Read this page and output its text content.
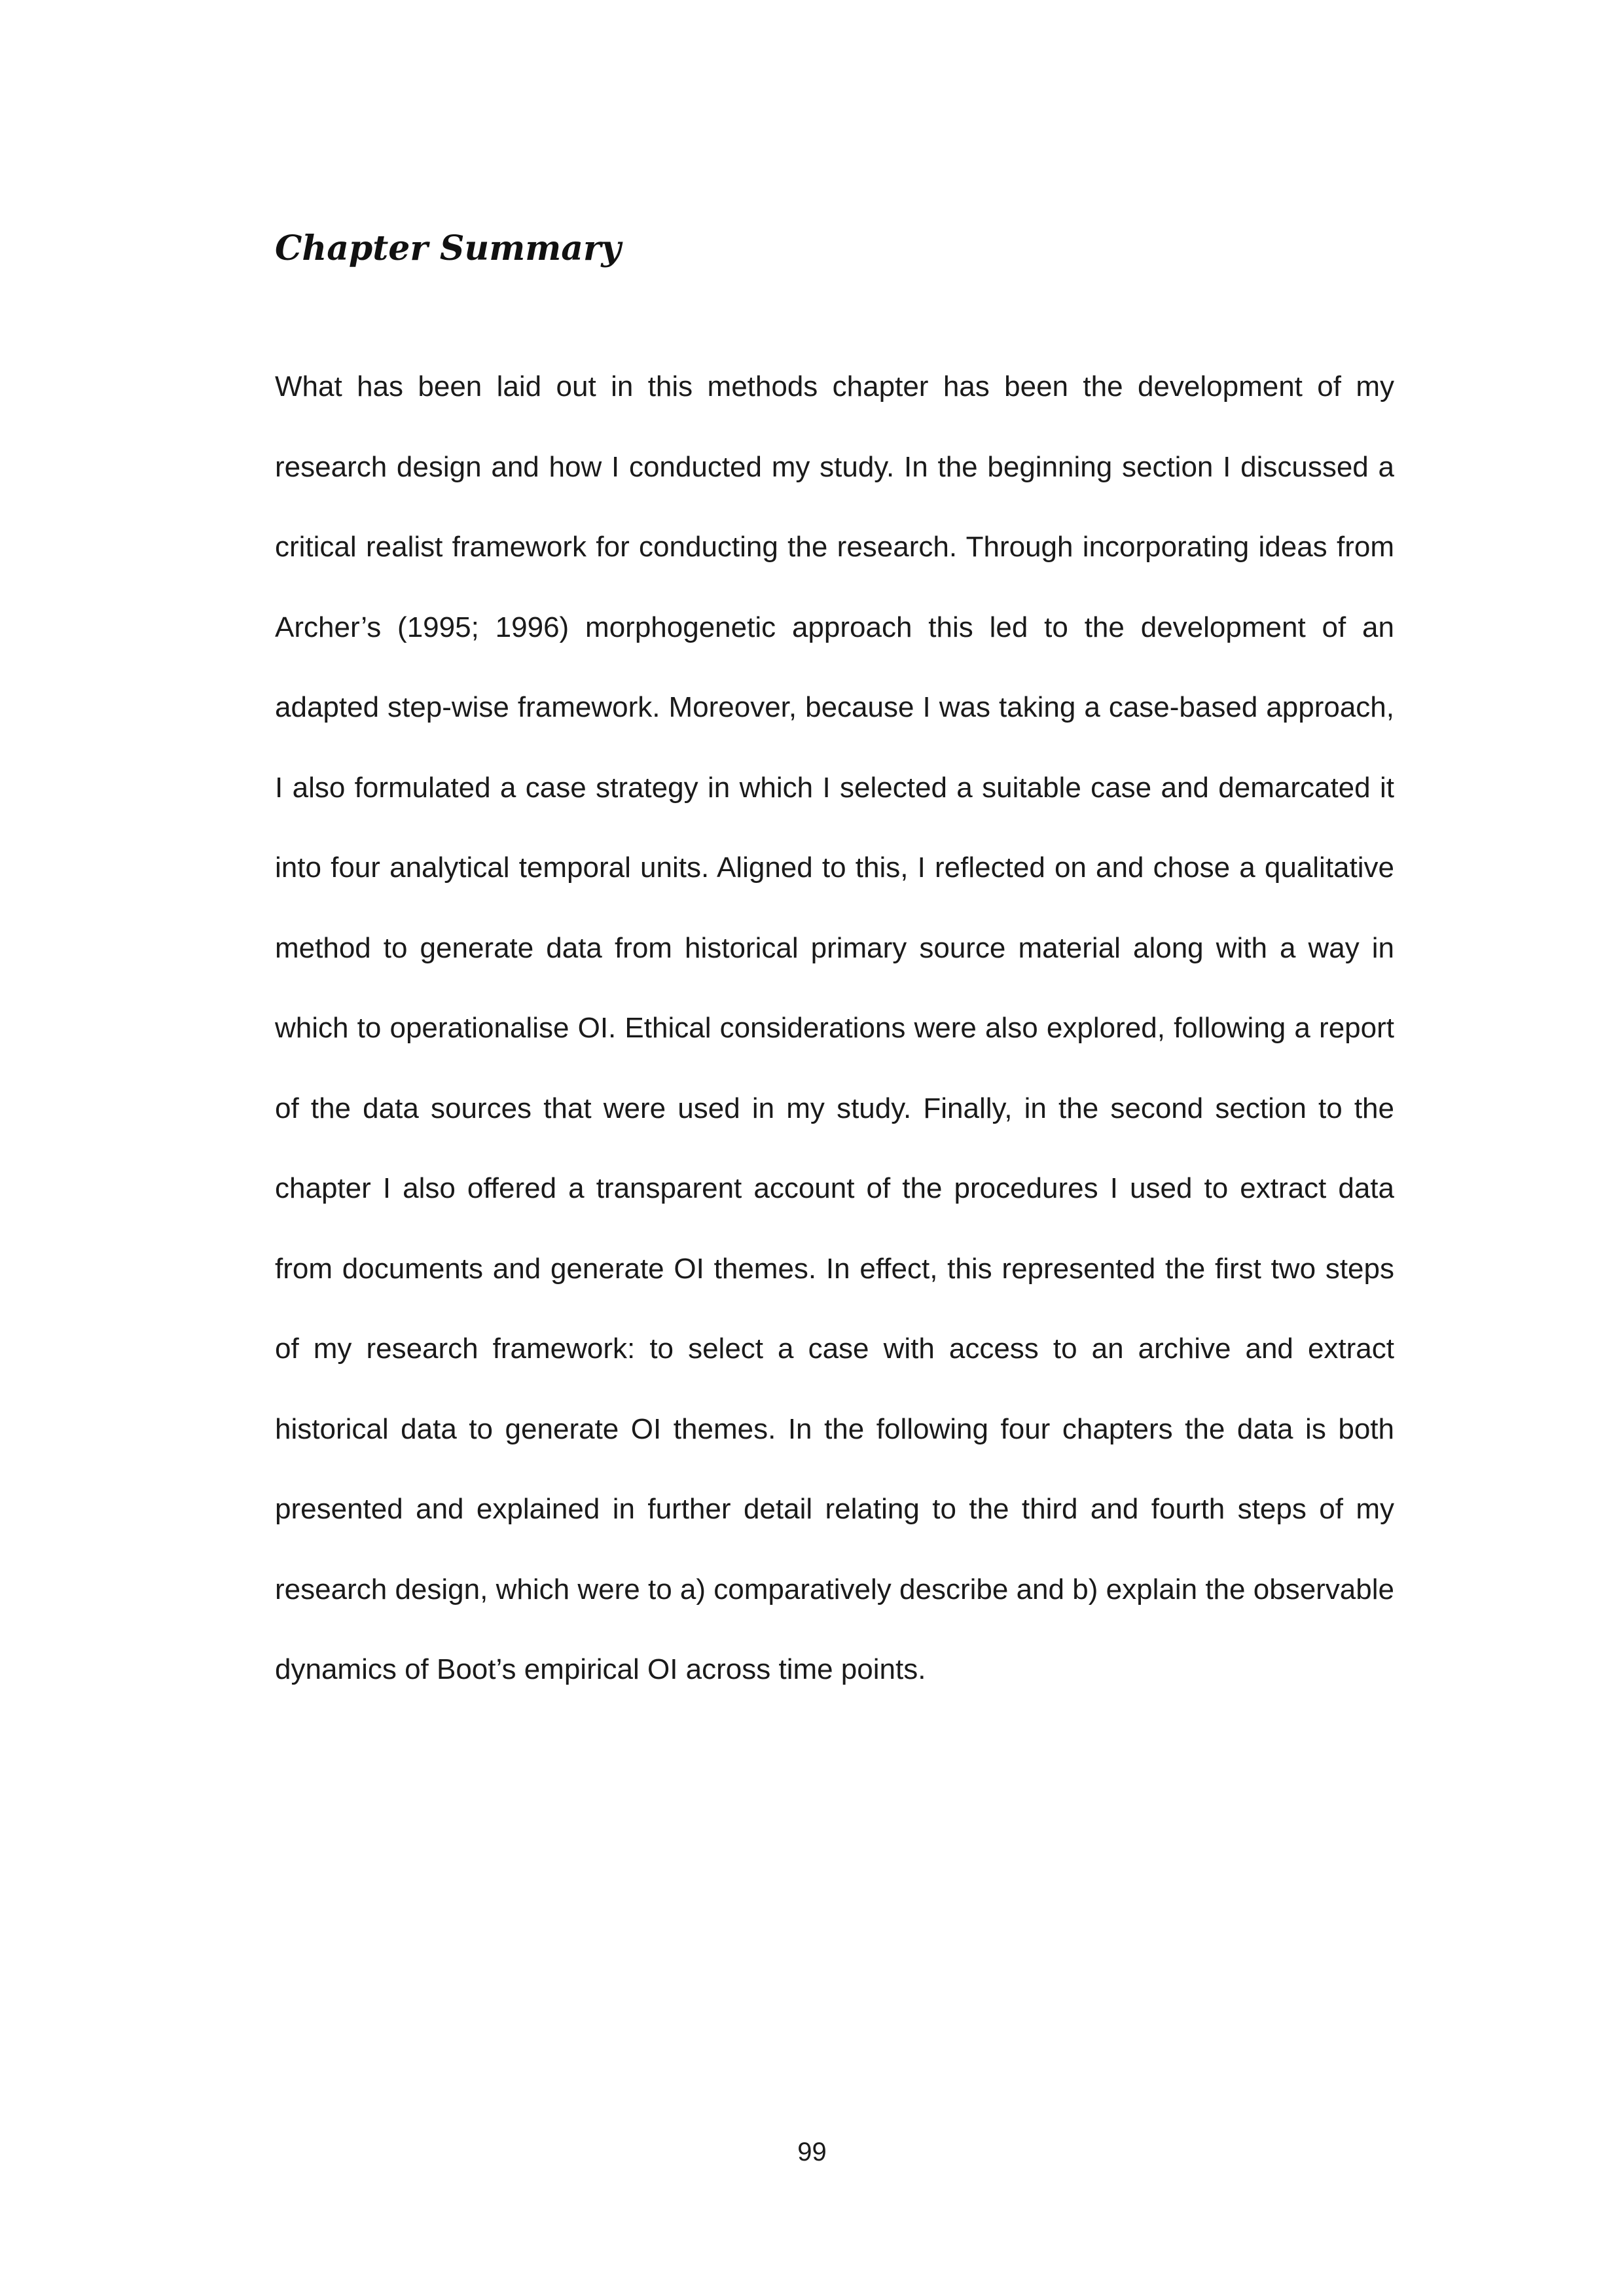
Chapter Summary

What has been laid out in this methods chapter has been the development of my research design and how I conducted my study. In the beginning section I discussed a critical realist framework for conducting the research. Through incorporating ideas from Archer’s (1995; 1996) morphogenetic approach this led to the development of an adapted step-wise framework. Moreover, because I was taking a case-based approach, I also formulated a case strategy in which I selected a suitable case and demarcated it into four analytical temporal units. Aligned to this, I reflected on and chose a qualitative method to generate data from historical primary source material along with a way in which to operationalise OI. Ethical considerations were also explored, following a report of the data sources that were used in my study. Finally, in the second section to the chapter I also offered a transparent account of the procedures I used to extract data from documents and generate OI themes. In effect, this represented the first two steps of my research framework: to select a case with access to an archive and extract historical data to generate OI themes. In the following four chapters the data is both presented and explained in further detail relating to the third and fourth steps of my research design, which were to a) comparatively describe and b) explain the observable dynamics of Boot’s empirical OI across time points.

99
